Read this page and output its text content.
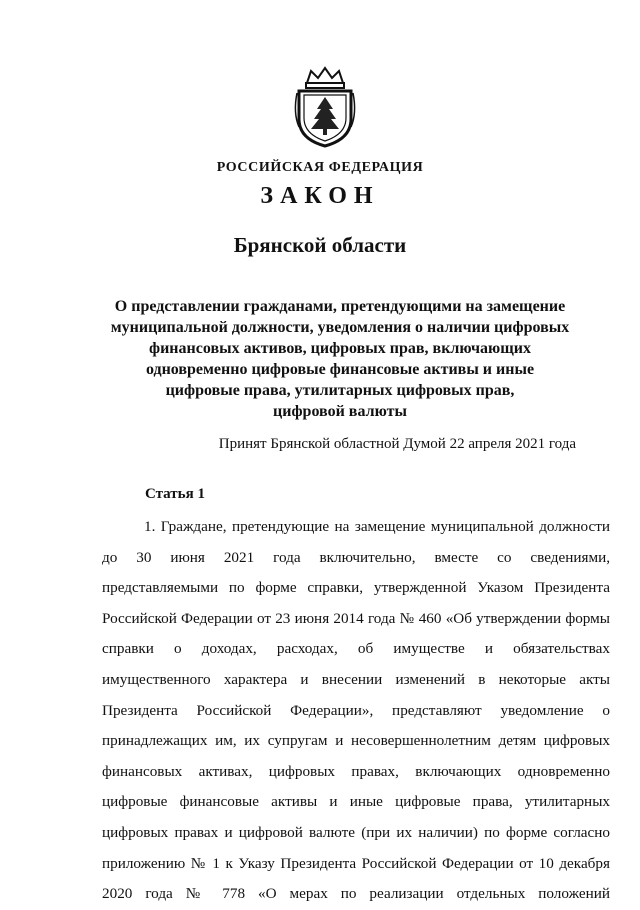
РОССИЙСКАЯ ФЕДЕРАЦИЯ
ЗАКОН
Брянской области
О представлении гражданами, претендующими на замещение
муниципальной должности, уведомления о наличии цифровых
финансовых активов, цифровых прав, включающих
одновременно цифровые финансовые активы и иные
цифровые права, утилитарных цифровых прав,
цифровой валюты
Принят Брянской областной Думой 22 апреля 2021 года
Статья 1
1. Граждане, претендующие на замещение муниципальной должности
до 30 июня 2021 года включительно, вместе со сведениями,
представляемыми по форме справки, утвержденной Указом Президента
Российской Федерации от 23 июня 2014 года № 460 «Об утверждении формы
справки о доходах, расходах, об имуществе и обязательствах
имущественного характера и внесении изменений в некоторые акты
Президента Российской Федерации», представляют уведомление о
принадлежащих им, их супругам и несовершеннолетним детям цифровых
финансовых активах, цифровых правах, включающих одновременно
цифровые финансовые активы и иные цифровые права, утилитарных
цифровых правах и цифровой валюте (при их наличии) по форме согласно
приложению № 1 к Указу Президента Российской Федерации от 10 декабря
2020 года № 778 «О мерах по реализации отдельных положений
